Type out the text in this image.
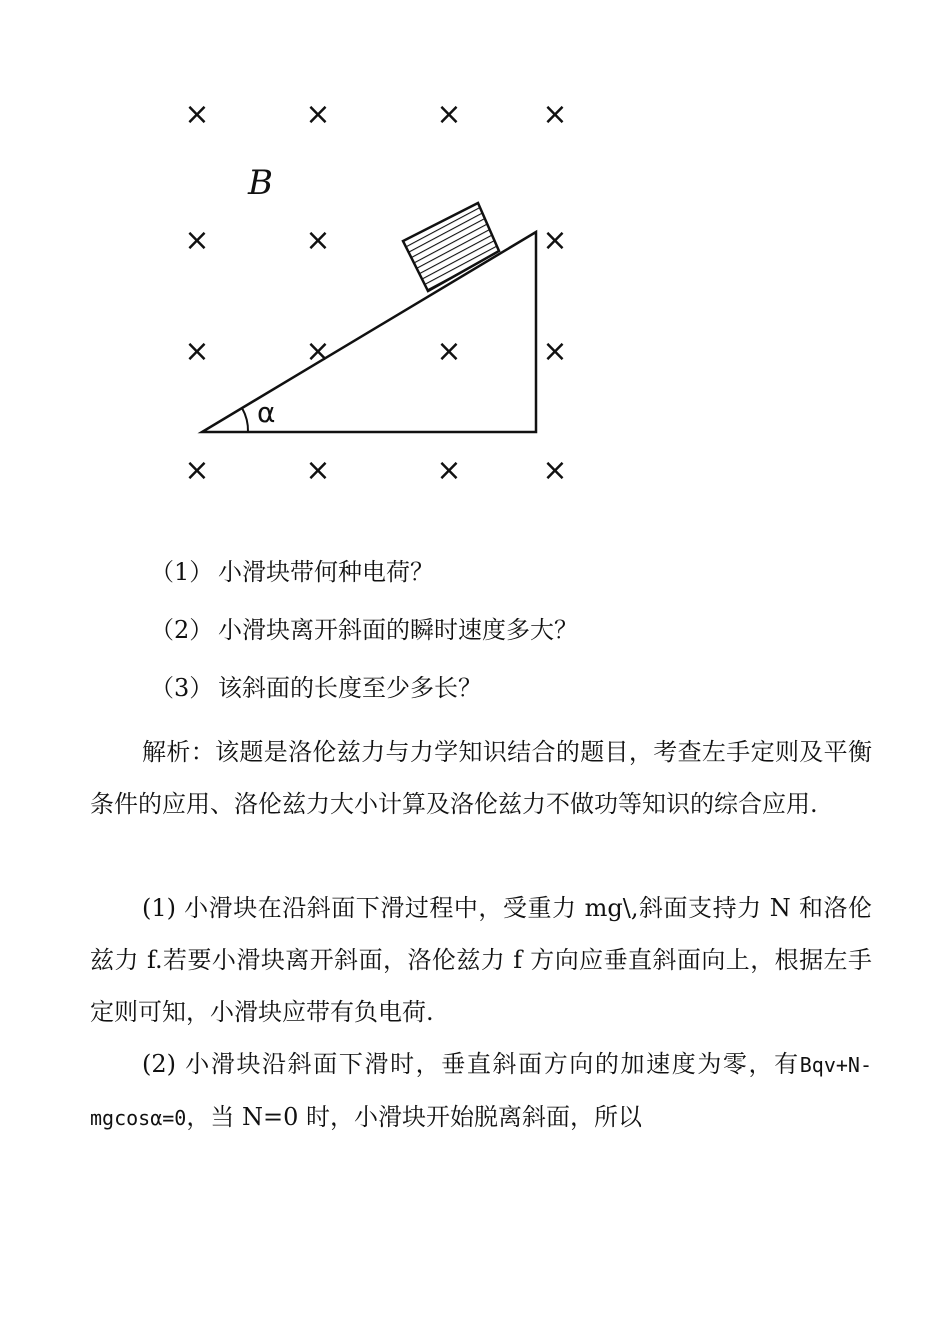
×	×	×	×
×	×	×
×	×	×	×
×	×	×	×
B
α
（1） 小滑块带何种电荷？
（2） 小滑块离开斜面的瞬时速度多大？
（3） 该斜面的长度至少多长？

解析：该题是洛伦兹力与力学知识结合的题目，考查左手定则及平衡条件的应用、洛伦兹力大小计算及洛伦兹力不做功等知识的综合应用.

(1) 小滑块在沿斜面下滑过程中，受重力 mg\,斜面支持力 N 和洛伦兹力 f.若要小滑块离开斜面，洛伦兹力 f 方向应垂直斜面向上，根据左手定则可知，小滑块应带有负电荷.

(2) 小滑块沿斜面下滑时，垂直斜面方向的加速度为零，有Bqv+N-mgcosα=0，当 N=0 时，小滑块开始脱离斜面，所以
